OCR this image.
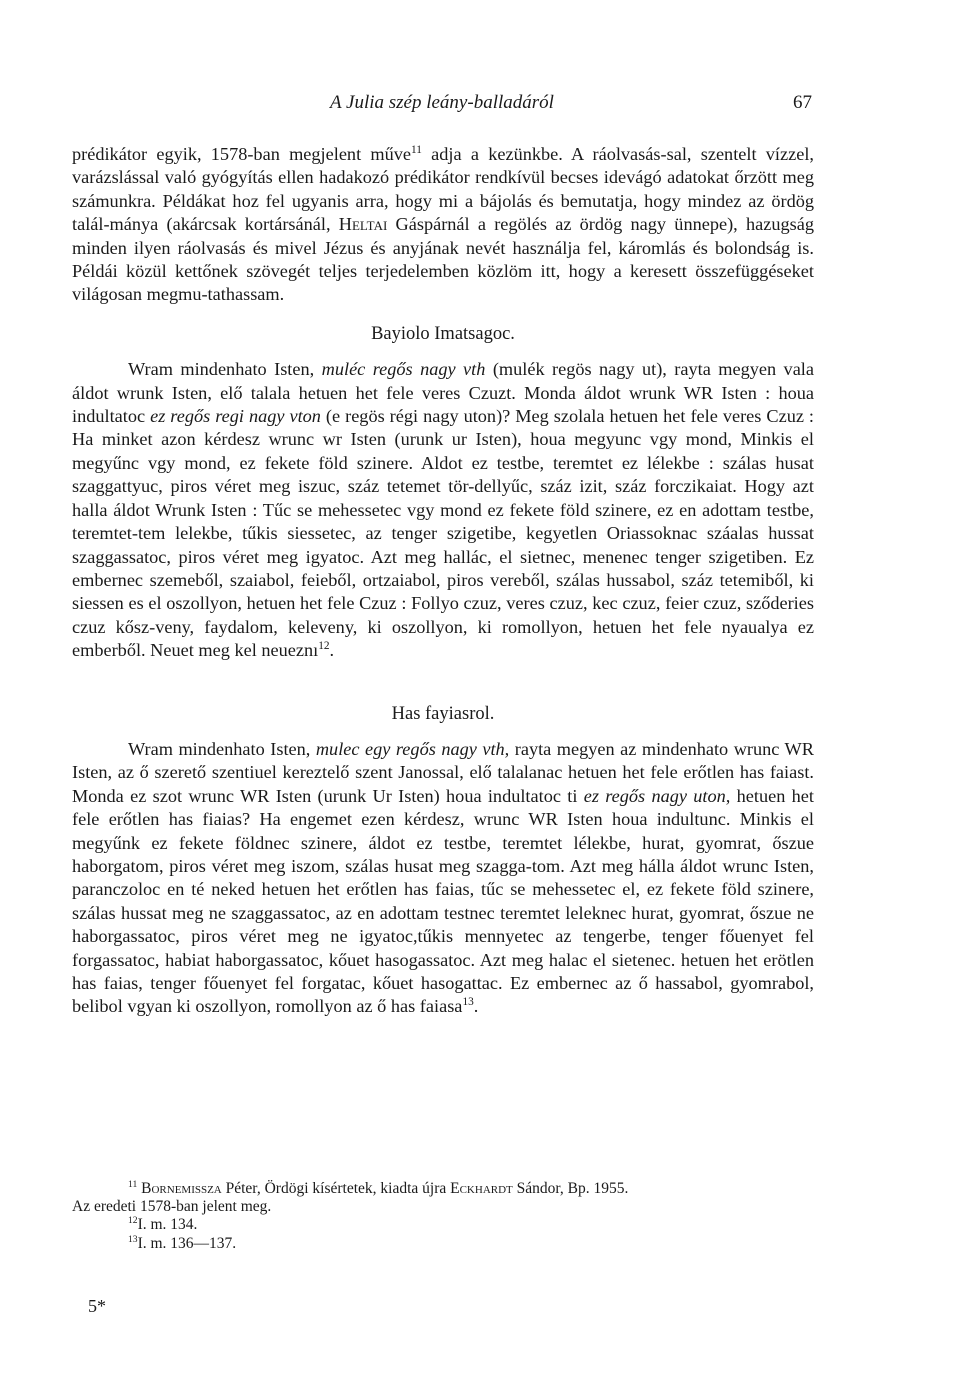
A Julia szép leány-balladáról	67

prédikátor egyik, 1578-ban megjelent műve$^{11}$ adja a kezünkbe. A ráolvasás-sal, szentelt vízzel, varázslással való gyógyítás ellen hadakozó prédikátor rendkívül becses idevágó adatokat őrzött meg számunkra. Példákat hoz fel ugyanis arra, hogy mi a bájolás és bemutatja, hogy mindez az ördög talál-mánya (akárcsak kortársánál, Heltai Gáspárnál a regölés az ördög nagy ünnepe), hazugság minden ilyen ráolvasás és mivel Jézus és anyjának nevét használja fel, káromlás és bolondság is. Példái közül kettőnek szövegét teljes terjedelemben közlöm itt, hogy a keresett összefüggéseket világosan megmu-tathassam.

Bayiolo Imatsagoc.

Wram mindenhato Isten, muléc regős nagy vth (mulék regös nagy ut), rayta megyen vala áldot wrunk Isten, elő talala hetuen het fele veres Czuzt. Monda áldot wrunk WR Isten : houa indultatoc ez regős regi nagy vton (e regös régi nagy uton)? Meg szolala hetuen het fele veres Czuz : Ha minket azon kérdesz wrunc wr Isten (urunk ur Isten), houa megyunc vgy mond, Minkis el megyűnc vgy mond, ez fekete föld szinere. Aldot ez testbe, teremtet ez lélekbe : szálas husat szaggattyuc, piros véret meg iszuc, száz tetemet tör-dellyűc, száz izit, száz forczikaiat. Hogy azt halla áldot Wrunk Isten : Tűc se mehessetec vgy mond ez fekete föld szinere, ez en adottam testbe, teremtet-tem lelekbe, tűkis siessetec, az tenger szigetibe, kegyetlen Oriassoknac száalas hussat szaggassatoc, piros véret meg igyatoc. Azt meg hallác, el sietnec, menenec tenger szigetiben. Ez embernec szemeből, szaiabol, feieből, ortzaiabol, piros vereből, szálas hussabol, száz tetemiből, ki siessen es el oszollyon, hetuen het fele Czuz : Follyo czuz, veres czuz, kec czuz, feier czuz, sződeries czuz kősz-veny, faydalom, keleveny, ki oszollyon, ki romollyon, hetuen het fele nyaualya ez emberből. Neuet meg kel neueznı$^{12}$.

Has fayiasrol.

Wram mindenhato Isten, mulec egy regős nagy vth, rayta megyen az mindenhato wrunc WR Isten, az ő szerető szentiuel kereztelő szent Janossal, elő talalanac hetuen het fele erőtlen has faiast. Monda ez szot wrunc WR Isten (urunk Ur Isten) houa indultatoc ti ez regős nagy uton, hetuen het fele erőtlen has fiaias? Ha engemet ezen kérdesz, wrunc WR Isten houa indultunc. Minkis el megyűnk ez fekete földnec szinere, áldot ez testbe, teremtet lélekbe, hurat, gyomrat, őszue haborgatom, piros véret meg iszom, szálas husat meg szagga-tom. Azt meg hálla áldot wrunc Isten, paranczoloc en té neked hetuen het erőtlen has faias, tűc se mehessetec el, ez fekete föld szinere, szálas hussat meg ne szaggassatoc, az en adottam testnec teremtet leleknec hurat, gyomrat, őszue ne haborgassatoc, piros véret meg ne igyatoc,tűkis mennyetec az tengerbe, tenger főuenyet fel forgassatoc, habiat haborgassatoc, kőuet hasogassatoc. Azt meg halac el sietenec. hetuen het erötlen has faias, tenger főuenyet fel forgatac, kőuet hasogattac. Ez embernec az ő hassabol, gyomrabol, belibol vgyan ki oszollyon, romollyon az ő has faiasa$^{13}$.

$^{11}$ Bornemissza Péter, Ördögi kísértetek, kiadta újra Eckhardt Sándor, Bp. 1955.

Az eredeti 1578-ban jelent meg.

$^{12}$I. m. 134.

$^{13}$I. m. 136—137.

5*
